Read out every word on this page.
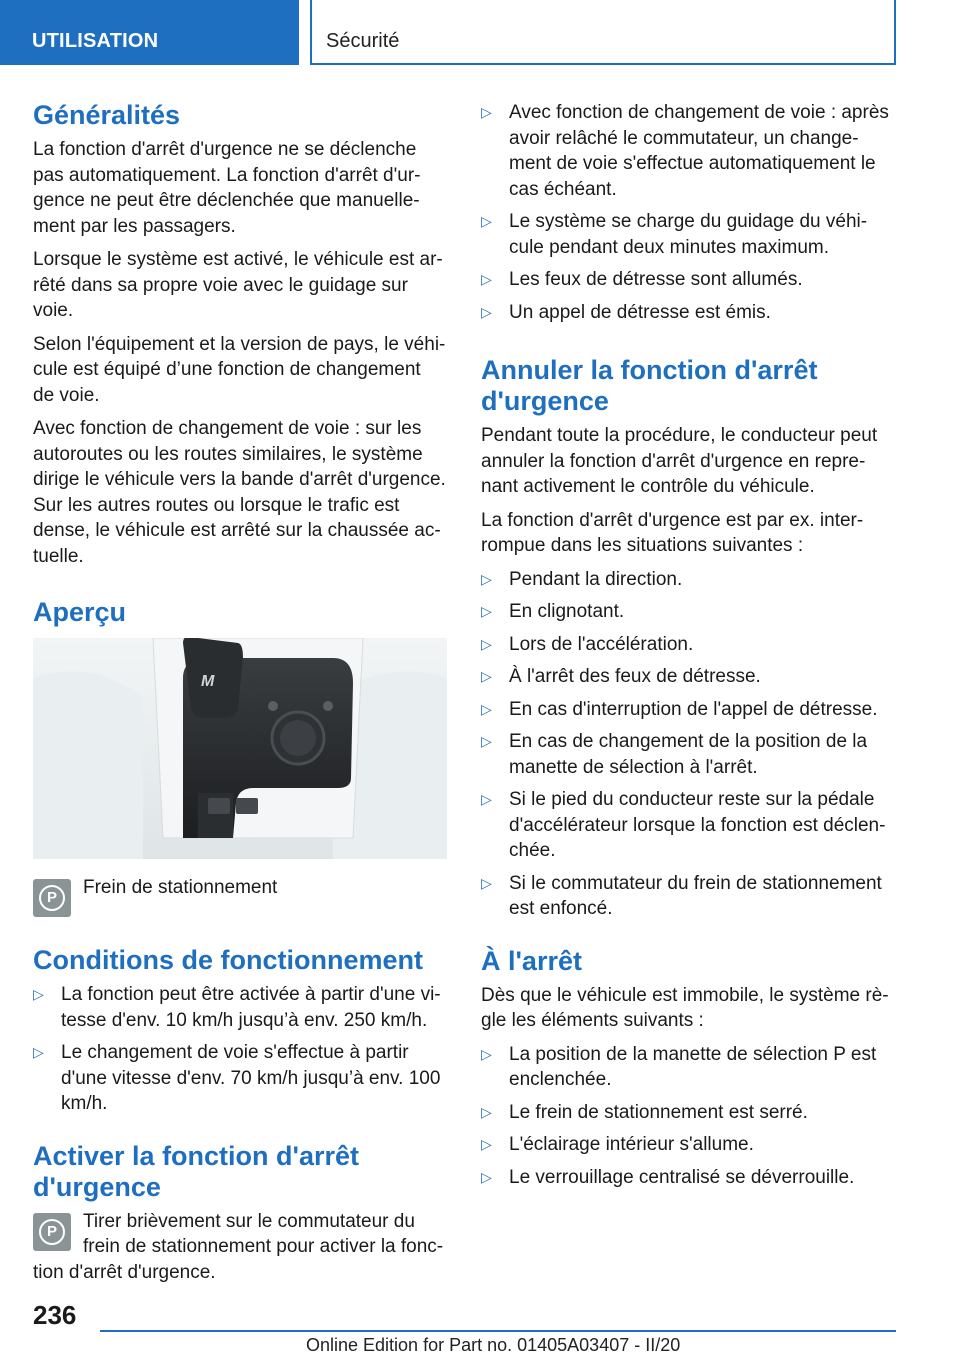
UTILISATION	Sécurité
Généralités

La fonction d'arrêt d'urgence ne se déclenche pas automatiquement. La fonction d'arrêt d'ur- gence ne peut être déclenchée que manuelle- ment par les passagers.

Lorsque le système est activé, le véhicule est ar- rêté dans sa propre voie avec le guidage sur voie.

Selon l'équipement et la version de pays, le véhi- cule est équipé d’une fonction de changement de voie.

Avec fonction de changement de voie : sur les autoroutes ou les routes similaires, le système dirige le véhicule vers la bande d'arrêt d'urgence. Sur les autres routes ou lorsque le trafic est dense, le véhicule est arrêté sur la chaussée ac- tuelle.

Aperçu
M
P	Frein de stationnement
Conditions de fonctionnement
▷ La fonction peut être activée à partir d'une vi- tesse d'env. 10 km/h jusqu’à env. 250 km/h.
▷ Le changement de voie s'effectue à partir d'une vitesse d'env. 70 km/h jusqu’à env. 100 km/h.
Activer la fonction d'arrêt d'urgence
P	Tirer brièvement sur le commutateur du frein de stationnement pour activer la fonc- tion d'arrêt d'urgence.
▷ Avec fonction de changement de voie : après avoir relâché le commutateur, un change- ment de voie s'effectue automatiquement le cas échéant.
▷ Le système se charge du guidage du véhi- cule pendant deux minutes maximum.
▷ Les feux de détresse sont allumés.
▷ Un appel de détresse est émis.
Annuler la fonction d'arrêt d'urgence

Pendant toute la procédure, le conducteur peut annuler la fonction d'arrêt d'urgence en repre- nant activement le contrôle du véhicule.

La fonction d'arrêt d'urgence est par ex. inter- rompue dans les situations suivantes :

▷ Pendant la direction.
▷ En clignotant.
▷ Lors de l'accélération.
▷ À l'arrêt des feux de détresse.
▷ En cas d'interruption de l'appel de détresse.
▷ En cas de changement de la position de la manette de sélection à l'arrêt.
▷ Si le pied du conducteur reste sur la pédale d'accélérateur lorsque la fonction est déclen- chée.
▷ Si le commutateur du frein de stationnement est enfoncé.
À l'arrêt

Dès que le véhicule est immobile, le système rè- gle les éléments suivants :

▷ La position de la manette de sélection P est enclenchée.
▷ Le frein de stationnement est serré.
▷ L'éclairage intérieur s'allume.
▷ Le verrouillage centralisé se déverrouille.
236
Online Edition for Part no. 01405A03407 - II/20
